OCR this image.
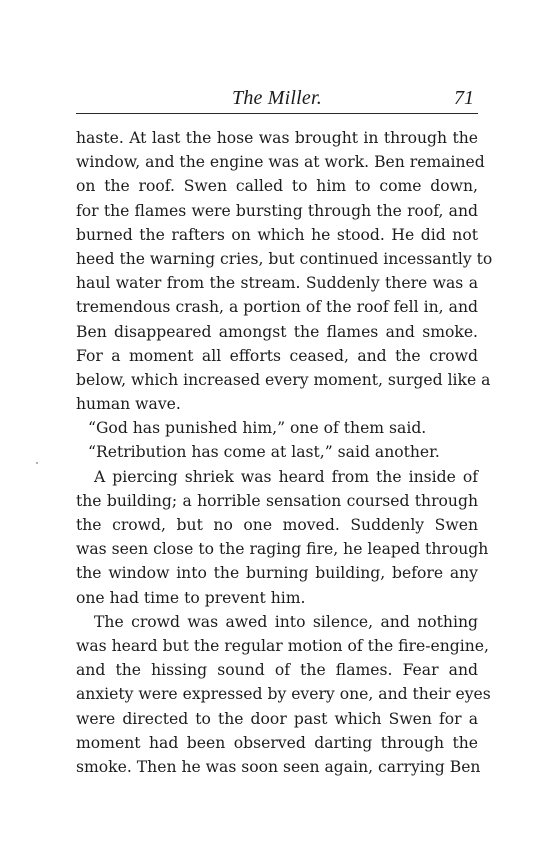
The Miller.	71
haste. At last the hose was brought in through the
window, and the engine was at work. Ben remained
on the roof. Swen called to him to come down,
for the flames were bursting through the roof, and
burned the rafters on which he stood. He did not
heed the warning cries, but continued incessantly to
haul water from the stream. Suddenly there was a
tremendous crash, a portion of the roof fell in, and
Ben disappeared amongst the flames and smoke.
For a moment all efforts ceased, and the crowd
below, which increased every moment, surged like a
human wave.
“God has punished him,” one of them said.
“Retribution has come at last,” said another.
A piercing shriek was heard from the inside of
the building; a horrible sensation coursed through
the crowd, but no one moved. Suddenly Swen
was seen close to the raging fire, he leaped through
the window into the burning building, before any
one had time to prevent him.
The crowd was awed into silence, and nothing
was heard but the regular motion of the fire-engine,
and the hissing sound of the flames. Fear and
anxiety were expressed by every one, and their eyes
were directed to the door past which Swen for a
moment had been observed darting through the
smoke. Then he was soon seen again, carrying Ben
